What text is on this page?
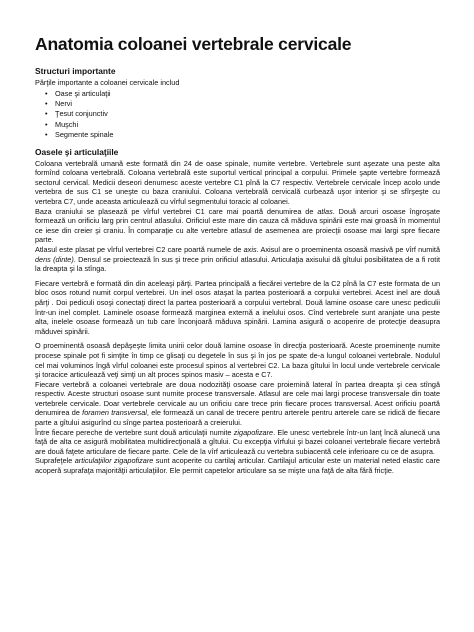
Anatomia coloanei vertebrale cervicale
Structuri importante

Părţile importante a coloanei cervicale includ

• Oase şi articulaţii
• Nervi
• Ţesut conjunctiv
• Muşchi
• Segmente spinale
Oasele şi articulaţiile

Coloana vertebrală umană este formată din 24 de oase spinale, numite vertebre. Vertebrele sunt aşezate una peste alta formînd coloana vertebrală. Coloana vertebrală este suportul vertical principal a corpului. Primele şapte vertebre formează sectorul cervical. Medicii deseori denumesc aceste vertebre C1 pînă la C7 respectiv. Vertebrele cervicale încep acolo unde vertebra de sus C1 se uneşte cu baza craniului. Coloana vertebrală cervicală curbează uşor interior şi se sfîrşeşte cu vertebra C7, unde aceasta articulează cu vîrful segmentului toracic al coloanei.

Baza craniului se plasează pe vîrful vertebrei C1 care mai poartă denumirea de atlas. Două arcuri osoase îngroşate formează un orificiu larg prin centrul atlasului. Orificiul este mare din cauza că măduva spinării este mai groasă în momentul ce iese din creier şi craniu. În comparaţie cu alte vertebre atlasul de asemenea are proiecţii osoase mai largi spre fiecare parte.

Atlasul este plasat pe vîrful vertebrei C2 care poartă numele de axis. Axisul are o proeminenta osoasă masivă pe vîrf numită dens (dinte). Densul se proiectează în sus şi trece prin orificiul atlasului. Articulaţia axisului dă gîtului posibilitatea de a fi rotit la dreapta şi la stînga.

Fiecare vertebră e formată din din aceleaşi părţi. Partea principală a fiecărei vertebre de la C2 pînă la C7 este formata de un bloc osos rotund numit corpul vertebrei. Un inel osos ataşat la partea posterioară a corpului vertebrei. Acest inel are două părţi . Doi pediculi osoşi conectaţi direct la partea posterioară a corpului vertebral. Două lamine osoase care unesc pediculii într-un inel complet. Laminele osoase formează marginea externă a inelului osos. Cînd vertebrele sunt aranjate una peste alta, inelele osoase formează un tub care înconjoară măduva spinării. Lamina asigură o acoperire de protecţie deasupra măduvei spinării.

O proeminentă osoasă depăşeşte limita unirii celor două lamine osoase în direcţia posterioară. Aceste proeminenţe numite procese spinale pot fi simţite în timp ce glisaţi cu degetele în sus şi în jos pe spate de-a lungul coloanei vertebrale. Nodulul cel mai voluminos îngă vîrful coloanei este procesul spinos al vertebrei C2. La baza gîtului în locul unde vertebrele cervicale şi toracice articulează veţi simţi un alt proces spinos masiv – acesta e C7.

Fiecare vertebră a coloanei vertebrale are doua nodozităţi osoase care proiemină lateral în partea dreapta şi cea stîngă respectiv. Aceste structuri osoase sunt numite procese transversale. Atlasul are cele mai largi procese transversale din toate vertebrele cervicale. Doar vertebrele cervicale au un orificiu care trece prin fiecare proces transversal. Acest orificiu poartă denumirea de foramen transversal, ele formează un canal de trecere pentru arterele pentru arterele care se ridică de fiecare parte a gîtului asigurînd cu sînge partea posterioară a creierului.

Între fiecare pereche de vertebre sunt două articulaţii numite zigapofizare. Ele unesc vertebrele într-un lanţ încă alunecă una faţă de alta ce asigură mobilitatea multidirecţională a gîtului. Cu excepţia vîrfului şi bazei coloanei vertebrale fiecare vertebră are două faţete articulare de fiecare parte. Cele de la vîrf articulează cu vertebra subiacentă cele inferioare cu ce de asupra.

Suprafeţele articulaţiilor zigapofizare sunt acoperite cu cartilaj articular. Cartilajul articular este un material neted elastic care acoperă suprafaţa majorităţii articulaţiilor. Ele permit capetelor articulare sa se mişte una faţă de alta fără fricţie.
